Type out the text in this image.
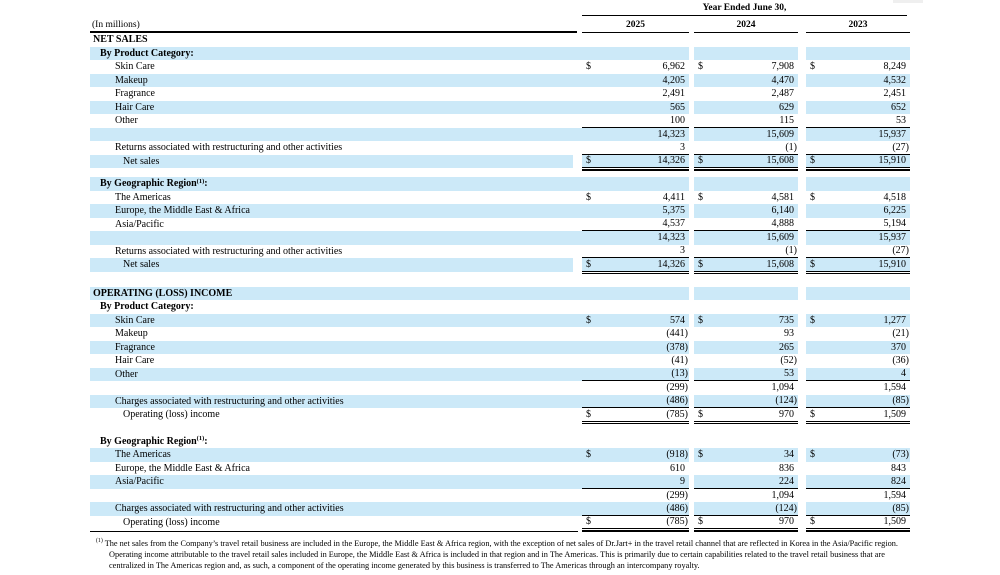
Year Ended June 30,
(In millions)	2025	2024	2023
NET SALES
By Product Category:
Skin Care	$	6,962 $	7,908 $	8,249
Makeup	4,205	4,470	4,532
Fragrance	2,491	2,487	2,451
Hair Care	565	629	652
Other	100	115	53
14,323	15,609	15,937
Returns associated with restructuring and other activities	3	(1)	(27)
Net sales	$	14,326 $	15,608 $	15,910
By Geographic Region$^{(1)}$ :
The Americas	$	4,411 $	4,581 $	4,518
Europe, the Middle East & Africa	5,375	6,140	6,225
Asia/Pacific	4,537	4,888	5,194
14,323	15,609	15,937
Returns associated with restructuring and other activities	3	(1)	(27)
Net sales	$	14,326 $	15,608 $	15,910
OPERATING (LOSS) INCOME
By Product Category:
Skin Care	$	574 $	735 $	1,277
Makeup	(441)	93	(21)
Fragrance	(378)	265	370
Hair Care	(41)	(52)	(36)
Other	(13)	53	4
(299)	1,094	1,594
Charges associated with restructuring and other activities	(486)	(124)	(85)
Operating (loss) income	$	(785) $	970 $	1,509
By Geographic Region$^{(1)}$ :
The Americas	$	(918) $	34 $	(73)
Europe, the Middle East & Africa	610	836	843
Asia/Pacific	9	224	824
(299)	1,094	1,594
Charges associated with restructuring and other activities	(486)	(124)	(85)
Operating (loss) income	$	(785) $	970 $	1,509
$^{(1)}$ The net sales from the Company’s travel retail business are included in the Europe, the Middle East & Africa region, with the exception of net sales of Dr.Jart+ in the travel retail channel that are reflected in Korea in the Asia/Pacific region. Operating income attributable to the travel retail sales included in Europe, the Middle East & Africa is included in that region and in The Americas. This is primarily due to certain capabilities related to the travel retail business that are centralized in The Americas region and, as such, a component of the operating income generated by this business is transferred to The Americas through an intercompany royalty.
